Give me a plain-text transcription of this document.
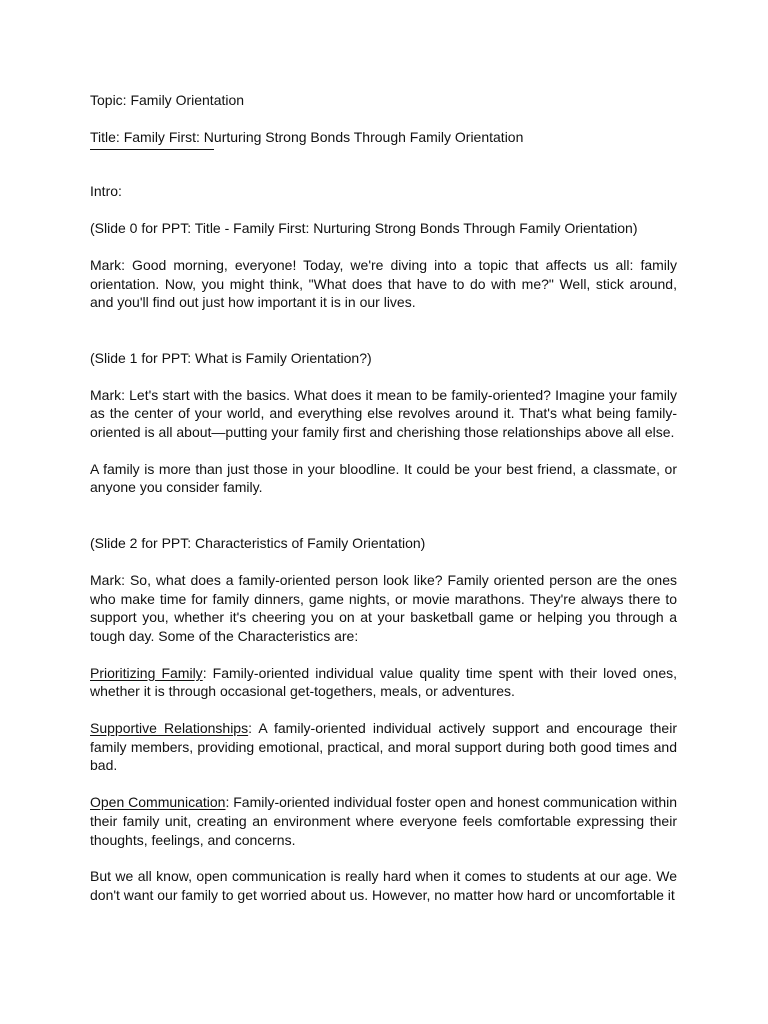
Topic: Family Orientation

Title: Family First: Nurturing Strong Bonds Through Family Orientation

Intro:

(Slide 0 for PPT: Title - Family First: Nurturing Strong Bonds Through Family Orientation)

Mark: Good morning, everyone! Today, we're diving into a topic that affects us all: family orientation. Now, you might think, "What does that have to do with me?" Well, stick around, and you'll find out just how important it is in our lives.

(Slide 1 for PPT: What is Family Orientation?)

Mark: Let's start with the basics. What does it mean to be family-oriented? Imagine your family as the center of your world, and everything else revolves around it. That's what being family-oriented is all about—putting your family first and cherishing those relationships above all else.

A family is more than just those in your bloodline. It could be your best friend, a classmate, or anyone you consider family.

(Slide 2 for PPT: Characteristics of Family Orientation)

Mark: So, what does a family-oriented person look like? Family oriented person are the ones who make time for family dinners, game nights, or movie marathons. They're always there to support you, whether it's cheering you on at your basketball game or helping you through a tough day. Some of the Characteristics are:

Prioritizing Family: Family-oriented individual value quality time spent with their loved ones, whether it is through occasional get-togethers, meals, or adventures.

Supportive Relationships: A family-oriented individual actively support and encourage their family members, providing emotional, practical, and moral support during both good times and bad.

Open Communication: Family-oriented individual foster open and honest communication within their family unit, creating an environment where everyone feels comfortable expressing their thoughts, feelings, and concerns.

But we all know, open communication is really hard when it comes to students at our age. We don't want our family to get worried about us. However, no matter how hard or uncomfortable it
